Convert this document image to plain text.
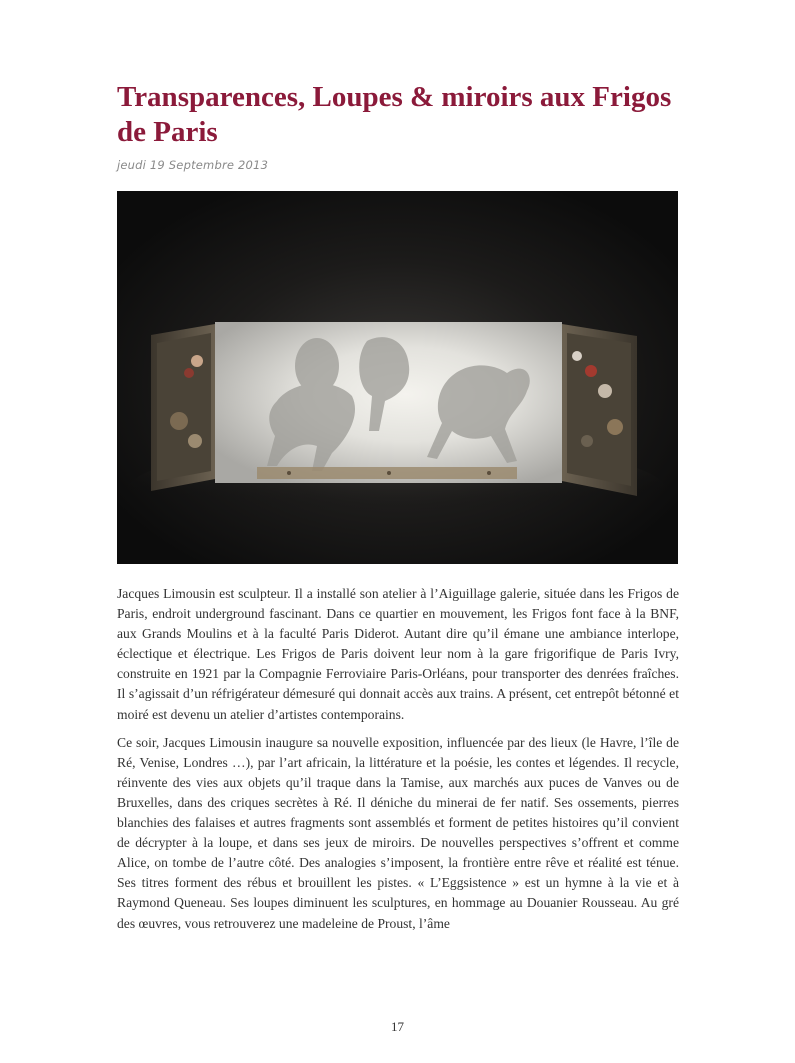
Transparences, Loupes & miroirs aux Frigos de Paris
jeudi 19 Septembre 2013

Jacques Limousin est sculpteur. Il a installé son atelier à l’Aiguillage galerie, située dans les Frigos de Paris, endroit underground fascinant. Dans ce quartier en mouvement, les Frigos font face à la BNF, aux Grands Moulins et à la faculté Paris Diderot. Autant dire qu’il émane une ambiance interlope, éclectique et électrique. Les Frigos de Paris doivent leur nom à la gare frigorifique de Paris Ivry, construite en 1921 par la Compagnie Ferroviaire Paris-Orléans, pour transporter des denrées fraîches. Il s’agissait d’un réfrigérateur démesuré qui donnait accès aux trains. A présent, cet entrepôt bétonné et moiré est devenu un atelier d’artistes contemporains.

Ce soir, Jacques Limousin inaugure sa nouvelle exposition, influencée par des lieux (le Havre, l’île de Ré, Venise, Londres …), par l’art africain, la littérature et la poésie, les contes et légendes. Il recycle, réinvente des vies aux objets qu’il traque dans la Tamise, aux marchés aux puces de Vanves ou de Bruxelles, dans des criques secrètes à Ré. Il déniche du minerai de fer natif. Ses ossements, pierres blanchies des falaises et autres fragments sont assemblés et forment de petites histoires qu’il convient de décrypter à la loupe, et dans ses jeux de miroirs. De nouvelles perspectives s’offrent et comme Alice, on tombe de l’autre côté. Des analogies s’imposent, la frontière entre rêve et réalité est ténue. Ses titres forment des rébus et brouillent les pistes. « L’Eggsistence » est un hymne à la vie et à Raymond Queneau. Ses loupes diminuent les sculptures, en hommage au Douanier Rousseau. Au gré des œuvres, vous retrouverez une madeleine de Proust, l’âme

17
